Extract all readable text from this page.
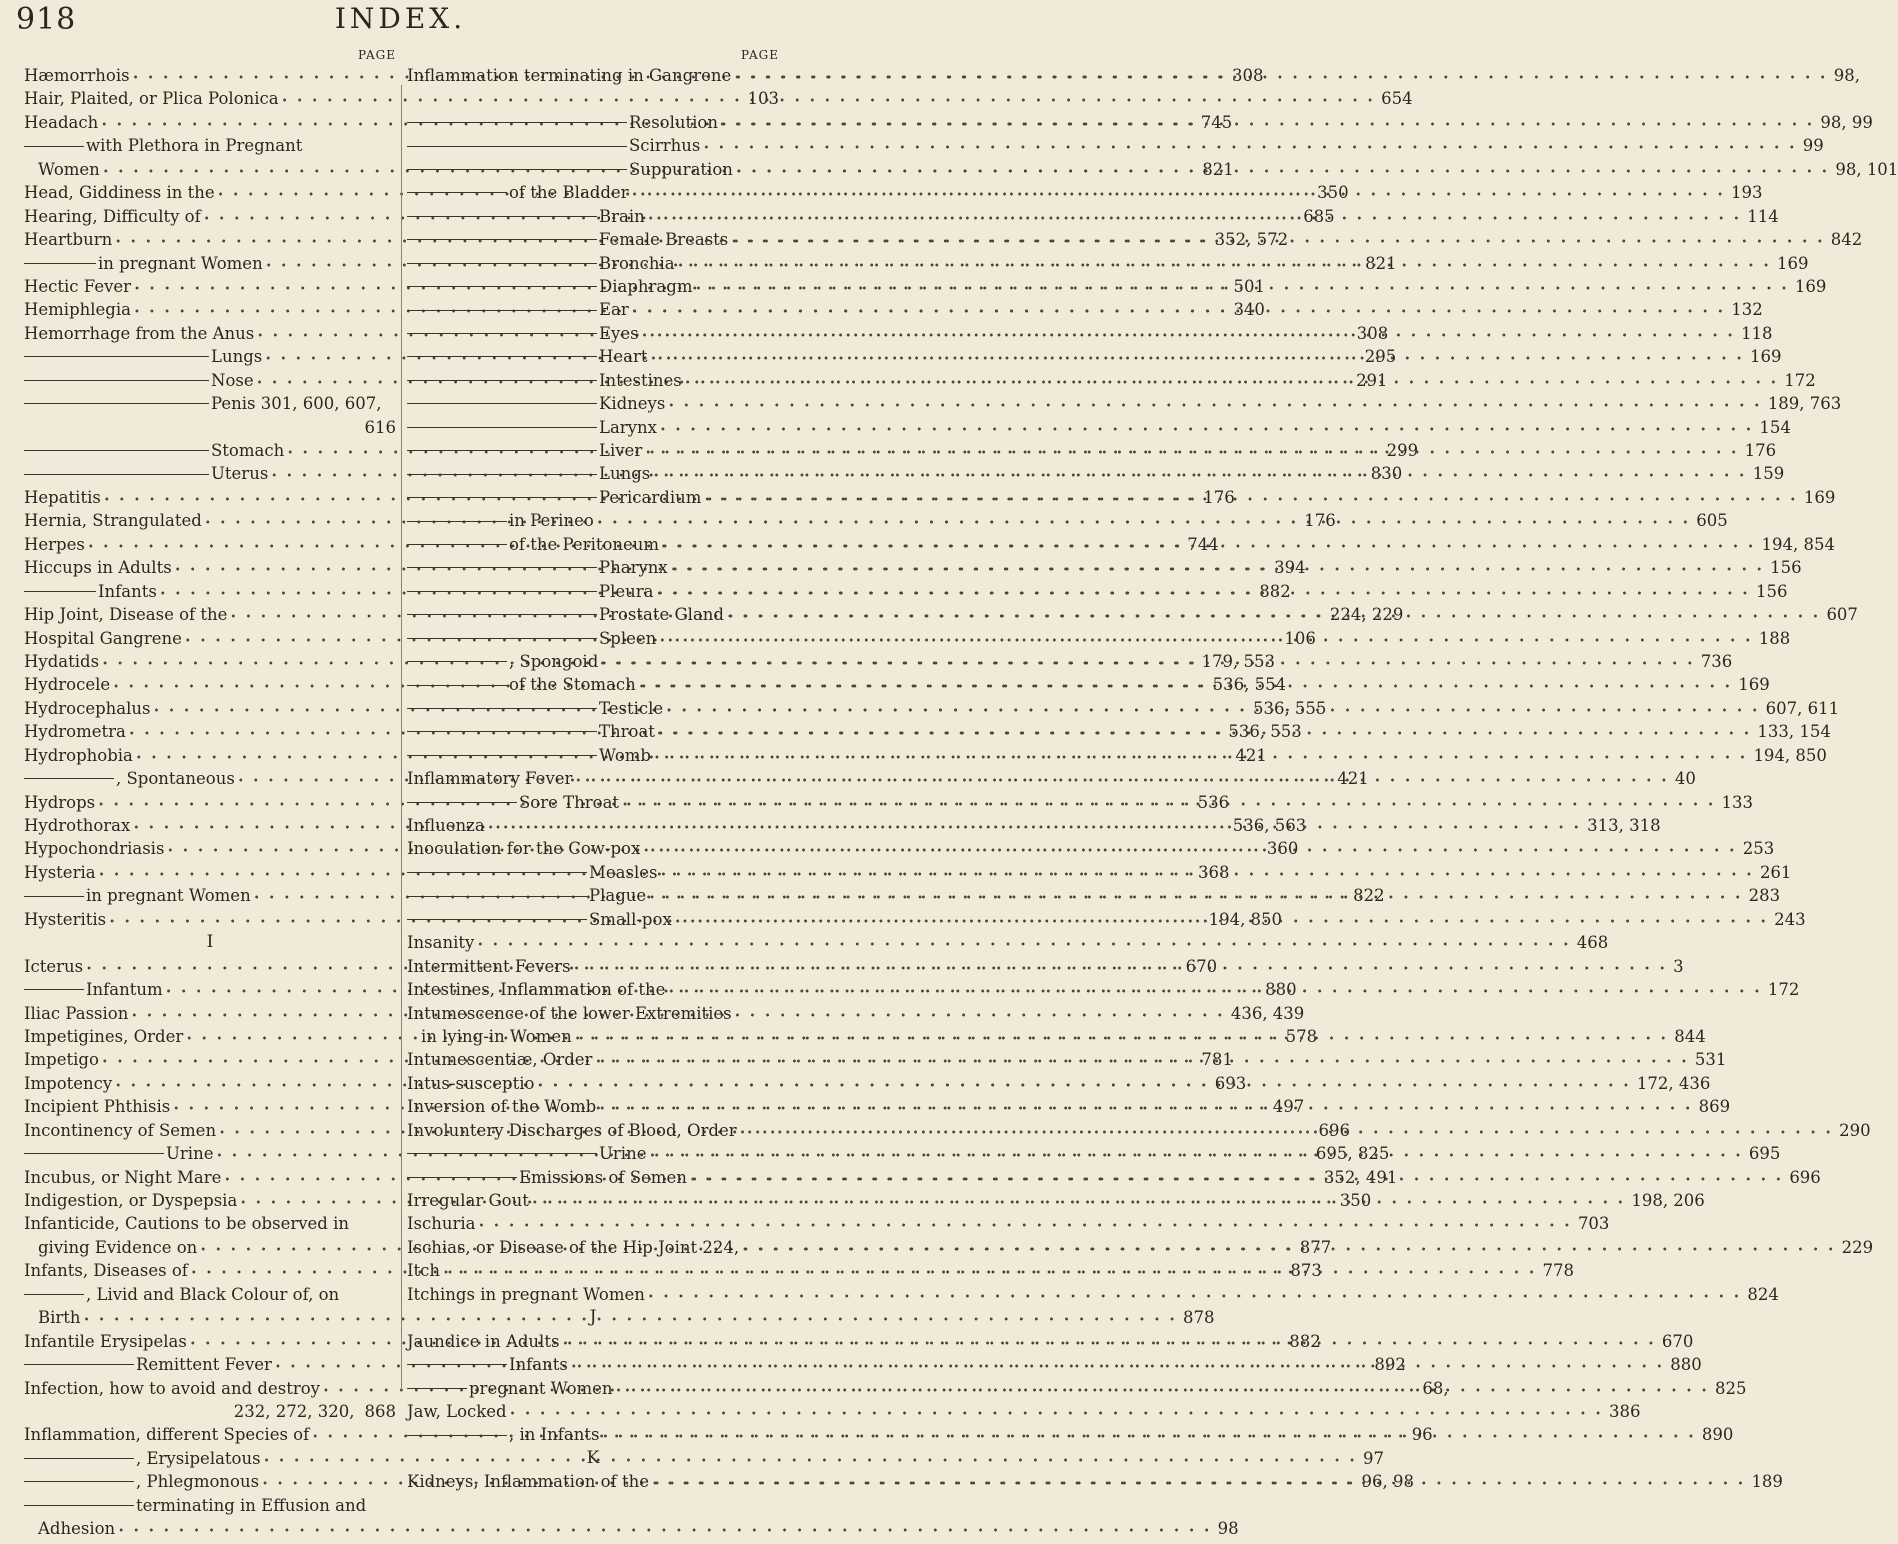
918	INDEX.
PAGE
Hæmorrhois • • •	308
Hair, Plaited, or Plica Polonica • • •	654
Headach • • •	745
with Plethora in Pregnant
Women • • •	821
Head, Giddiness in the • • •	350
Hearing, Difficulty of • • •	685
Heartburn • • •	352, 572
in pregnant Women • • •	821
Hectic Fever • • •	501
Hemiphlegia • • •	340
Hemorrhage from the Anus • • •	308
Lungs • • •	295
Nose • • •	291
Penis 301, 600, 607,
616
Stomach • • •	299
Uterus • • •	830
Hepatitis • • •	176
Hernia, Strangulated • • •	176
Herpes • • •	744
Hiccups in Adults • • •	394
Infants • • •	882
Hip Joint, Disease of the • • •	224, 229
Hospital Gangrene • • •	106
Hydatids • • •	179, 553
Hydrocele • • •	536, 554
Hydrocephalus • • •	536, 555
Hydrometra • • •	536, 553
Hydrophobia • • •	421
, Spontaneous • • •	421
Hydrops • • •	536
Hydrothorax • • •	536, 563
Hypochondriasis • • •	360
Hysteria • • •	368
in pregnant Women • • •	822
Hysteritis • • •	194, 850
I
Icterus • • •	670
Infantum • • •	880
Iliac Passion • • •	436, 439
Impetigines, Order • • •	578
Impetigo • • •	781
Impotency • • •	693
Incipient Phthisis • • •	497
Incontinency of Semen • • •	696
Urine • • •	695, 825
Incubus, or Night Mare • • •	352, 491
Indigestion, or Dyspepsia • • •	350
Infanticide, Cautions to be observed in
giving Evidence on • • •	877
Infants, Diseases of • • •	873
, Livid and Black Colour of, on
Birth • • •	878
Infantile Erysipelas • • •	882
Remittent Fever • • •	892
Infection, how to avoid and destroy • • •	68,
232, 272, 320, 868
Inflammation, different Species of • • •	96
, Erysipelatous • • •	97
, Phlegmonous • • •	96, 98
terminating in Effusion and
Adhesion • • •	98
PAGE
Inflammation terminating in Gangrene • • •	98,
103
Resolution • • •	98, 99
Scirrhus • • •	99
Suppuration • • •	98, 101
of the Bladder • • •	193
Brain • • •	114
Female Breasts • • •	842
Bronchia • • •	169
Diaphragm • • •	169
Ear • • •	132
Eyes • • •	118
Heart • • •	169
Intestines • • •	172
Kidneys • • •	189, 763
Larynx • • •	154
Liver • • •	176
Lungs • • •	159
Pericardium • • •	169
in Perineo • • •	605
of the Peritoneum • • •	194, 854
Pharynx • • •	156
Pleura • • •	156
Prostate Gland • • •	607
Spleen • • •	188
, Spongoid • • •	736
of the Stomach • • •	169
Testicle • • •	607, 611
Throat • • •	133, 154
Womb • • •	194, 850
Inflammatory Fever • • •	40
Sore Throat • • •	133
Influenza • • •	313, 318
Inoculation for the Cow-pox • • •	253
Measles • • •	261
Plague • • •	283
Small-pox • • •	243
Insanity • • •	468
Intermittent Fevers • • •	3
Intestines, Inflammation of the • • •	172
Intumescence of the lower Extremities
in lying-in Women • • •	844
Intumescentiæ, Order • • •	531
Intus-susceptio • • •	172, 436
Inversion of the Womb • • •	869
Involuntery Discharges of Blood, Order • • •	290
Urine • • •	695
Emissions of Semen • • •	696
Irregular Gout • • •	198, 206
Ischuria • • •	703
Ischias, or Disease of the Hip Joint 224, • • •	229
Itch • • •	778
Itchings in pregnant Women • • •	824
J
Jaundice in Adults • • •	670
Infants • • •	880
pregnant Women • • •	825
Jaw, Locked • • •	386
, in Infants • • •	890
K
Kidneys, Inflammation of the • • •	189
